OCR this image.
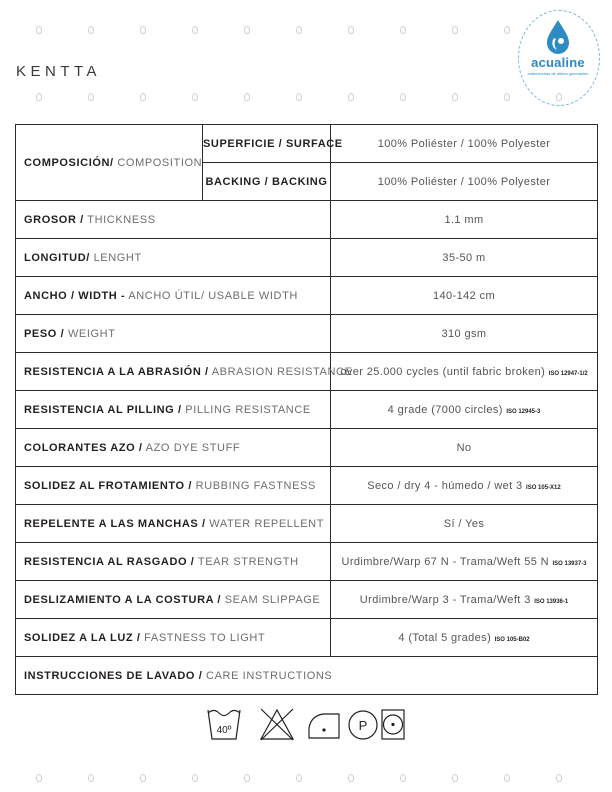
KENTTA
acualine
antimanchas de última generación
COMPOSICIÓN/ COMPOSITION	SUPERFICIE / SURFACE	100% Poliéster / 100% Polyester
	BACKING / BACKING	100% Poliéster / 100% Polyester
GROSOR / THICKNESS		1.1 mm
LONGITUD/ LENGHT		35-50 m
ANCHO / WIDTH - ANCHO ÚTIL/ USABLE WIDTH		140-142 cm
PESO / WEIGHT		310 gsm
RESISTENCIA A LA ABRASIÓN / ABRASION RESISTANCE		over 25.000 cycles (until fabric broken) ISO 12947-1/2
RESISTENCIA AL PILLING / PILLING RESISTANCE		4 grade (7000 circles) ISO 12945-3
COLORANTES AZO / AZO DYE STUFF		No
SOLIDEZ AL FROTAMIENTO / RUBBING FASTNESS		Seco / dry 4 - húmedo / wet 3 ISO 105-X12
REPELENTE A LAS MANCHAS / WATER REPELLENT		Sí / Yes
RESISTENCIA AL RASGADO / TEAR STRENGTH		Urdimbre/Warp 67 N - Trama/Weft 55 N ISO 13937-3
DESLIZAMIENTO A LA COSTURA / SEAM SLIPPAGE		Urdimbre/Warp 3 - Trama/Weft 3 ISO 13936-1
SOLIDEZ A LA LUZ / FASTNESS TO LIGHT		4 (Total 5 grades) ISO 105-B02
INSTRUCCIONES DE LAVADO / CARE INSTRUCTIONS		
40º	P
